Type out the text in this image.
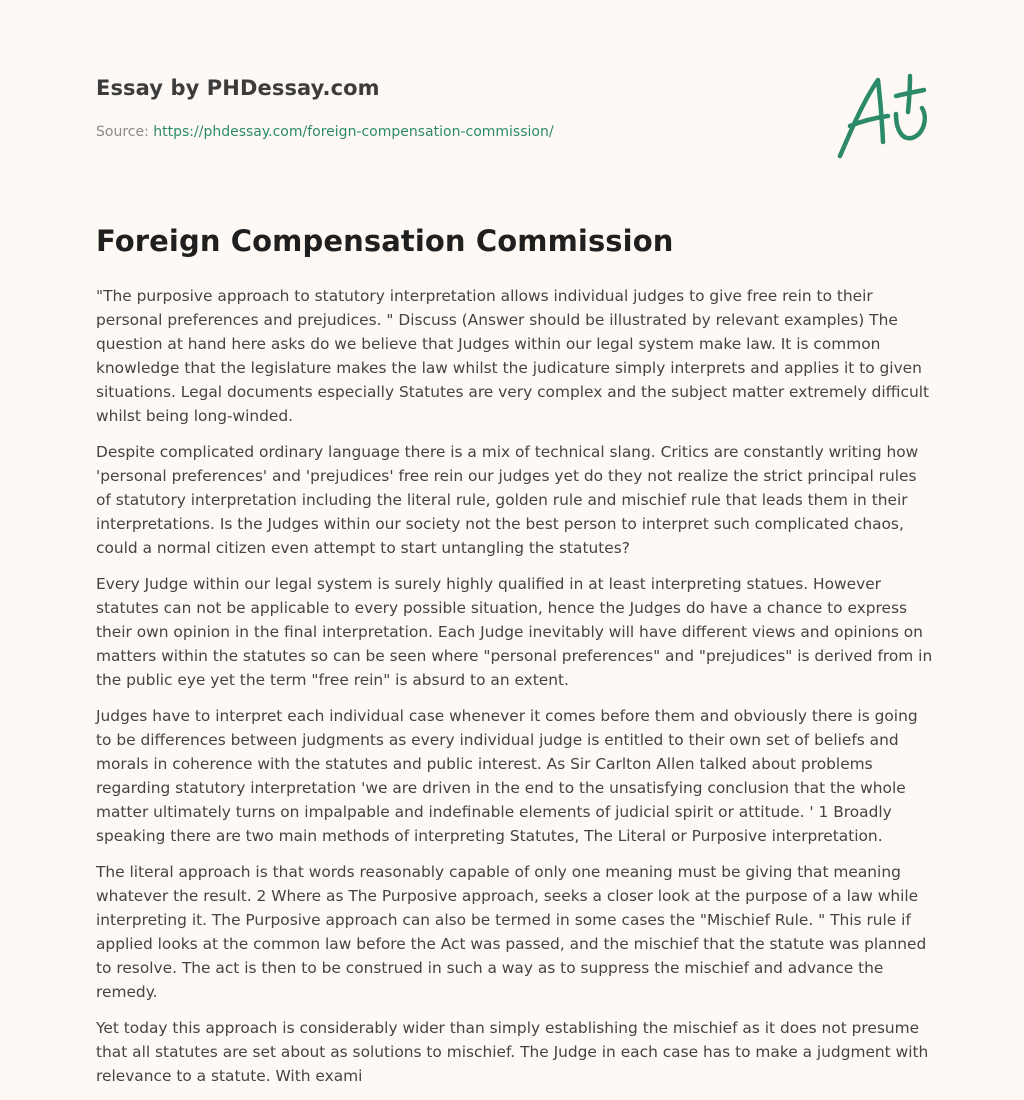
Essay by PHDessay.com
Source: https://phdessay.com/foreign-compensation-commission/
Foreign Compensation Commission

"The purposive approach to statutory interpretation allows individual judges to give free rein to their personal preferences and prejudices. " Discuss (Answer should be illustrated by relevant examples) The question at hand here asks do we believe that Judges within our legal system make law. It is common knowledge that the legislature makes the law whilst the judicature simply interprets and applies it to given situations. Legal documents especially Statutes are very complex and the subject matter extremely difficult whilst being long-winded.

Despite complicated ordinary language there is a mix of technical slang. Critics are constantly writing how 'personal preferences' and 'prejudices' free rein our judges yet do they not realize the strict principal rules of statutory interpretation including the literal rule, golden rule and mischief rule that leads them in their interpretations. Is the Judges within our society not the best person to interpret such complicated chaos, could a normal citizen even attempt to start untangling the statutes?

Every Judge within our legal system is surely highly qualified in at least interpreting statues. However statutes can not be applicable to every possible situation, hence the Judges do have a chance to express their own opinion in the final interpretation. Each Judge inevitably will have different views and opinions on matters within the statutes so can be seen where "personal preferences" and "prejudices" is derived from in the public eye yet the term "free rein" is absurd to an extent.

Judges have to interpret each individual case whenever it comes before them and obviously there is going to be differences between judgments as every individual judge is entitled to their own set of beliefs and morals in coherence with the statutes and public interest. As Sir Carlton Allen talked about problems regarding statutory interpretation 'we are driven in the end to the unsatisfying conclusion that the whole matter ultimately turns on impalpable and indefinable elements of judicial spirit or attitude. ' 1 Broadly speaking there are two main methods of interpreting Statutes, The Literal or Purposive interpretation.

The literal approach is that words reasonably capable of only one meaning must be giving that meaning whatever the result. 2 Where as The Purposive approach, seeks a closer look at the purpose of a law while interpreting it. The Purposive approach can also be termed in some cases the "Mischief Rule. " This rule if applied looks at the common law before the Act was passed, and the mischief that the statute was planned to resolve. The act is then to be construed in such a way as to suppress the mischief and advance the remedy.

Yet today this approach is considerably wider than simply establishing the mischief as it does not presume that all statutes are set about as solutions to mischief. The Judge in each case has to make a judgment with relevance to a statute. With exami
